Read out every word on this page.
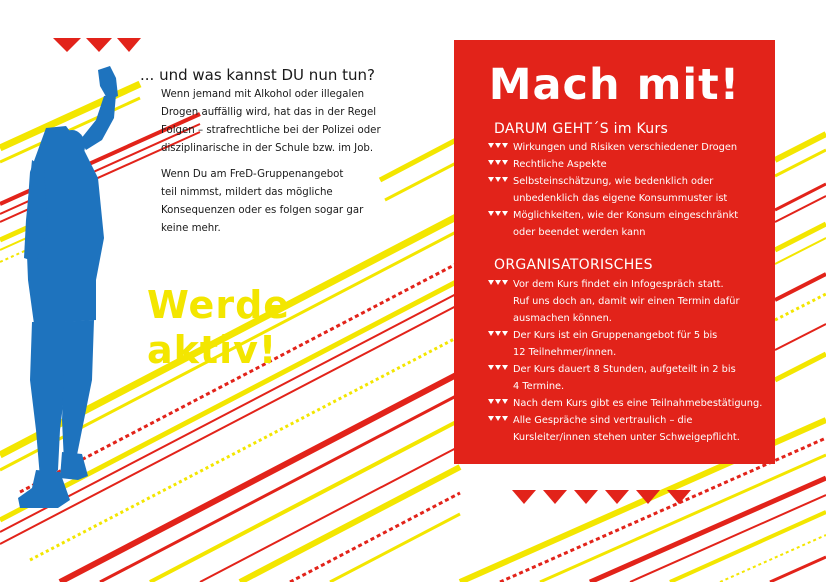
... und was kannst DU nun tun?
Wenn jemand mit Alkohol oder illegalen
Drogen auffällig wird, hat das in der Regel
Folgen – strafrechtliche bei der Polizei oder
disziplinarische in der Schule bzw. im Job.
Wenn Du am FreD-Gruppenangebot
teil nimmst, mildert das mögliche
Konsequenzen oder es folgen sogar gar
keine mehr.
Werde
aktiv!
Mach mit!
DARUM GEHT´S im Kurs
Wirkungen und Risiken verschiedener Drogen
Rechtliche Aspekte
Selbsteinschätzung, wie bedenklich oder
unbedenklich das eigene Konsummuster ist
Möglichkeiten, wie der Konsum eingeschränkt
oder beendet werden kann
ORGANISATORISCHES
Vor dem Kurs findet ein Infogespräch statt.
Ruf uns doch an, damit wir einen Termin dafür
ausmachen können.
Der Kurs ist ein Gruppenangebot für 5 bis
12 Teilnehmer/innen.
Der Kurs dauert 8 Stunden, aufgeteilt in 2 bis
4 Termine.
Nach dem Kurs gibt es eine Teilnahmebestätigung.
Alle Gespräche sind vertraulich – die
Kursleiter/innen stehen unter Schweigepflicht.
